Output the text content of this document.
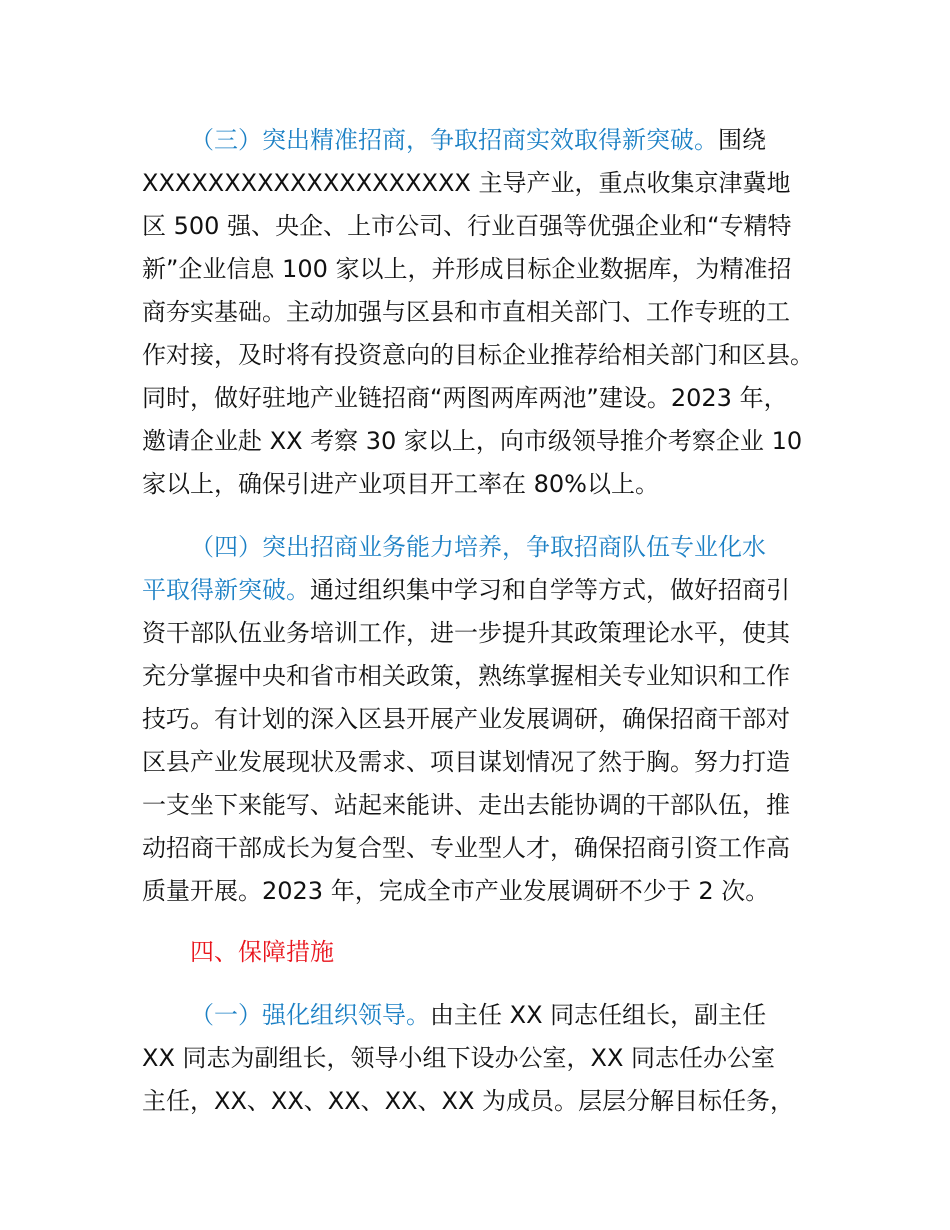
（三）突出精准招商，争取招商实效取得新突破。围绕
XXXXXXXXXXXXXXXXXXXX 主导产业，重点收集京津冀地
区 500 强、央企、上市公司、行业百强等优强企业和“专精特
新”企业信息 100 家以上，并形成目标企业数据库，为精准招
商夯实基础。主动加强与区县和市直相关部门、工作专班的工
作对接，及时将有投资意向的目标企业推荐给相关部门和区县。
同时，做好驻地产业链招商“两图两库两池”建设。2023 年，
邀请企业赴 XX 考察 30 家以上，向市级领导推介考察企业 10
家以上，确保引进产业项目开工率在 80%以上。
（四）突出招商业务能力培养，争取招商队伍专业化水
平取得新突破。通过组织集中学习和自学等方式，做好招商引
资干部队伍业务培训工作，进一步提升其政策理论水平，使其
充分掌握中央和省市相关政策，熟练掌握相关专业知识和工作
技巧。有计划的深入区县开展产业发展调研，确保招商干部对
区县产业发展现状及需求、项目谋划情况了然于胸。努力打造
一支坐下来能写、站起来能讲、走出去能协调的干部队伍，推
动招商干部成长为复合型、专业型人才，确保招商引资工作高
质量开展。2023 年，完成全市产业发展调研不少于 2 次。
四、保障措施
（一）强化组织领导。由主任 XX 同志任组长，副主任
XX 同志为副组长，领导小组下设办公室，XX 同志任办公室
主任，XX、XX、XX、XX、XX 为成员。层层分解目标任务，
